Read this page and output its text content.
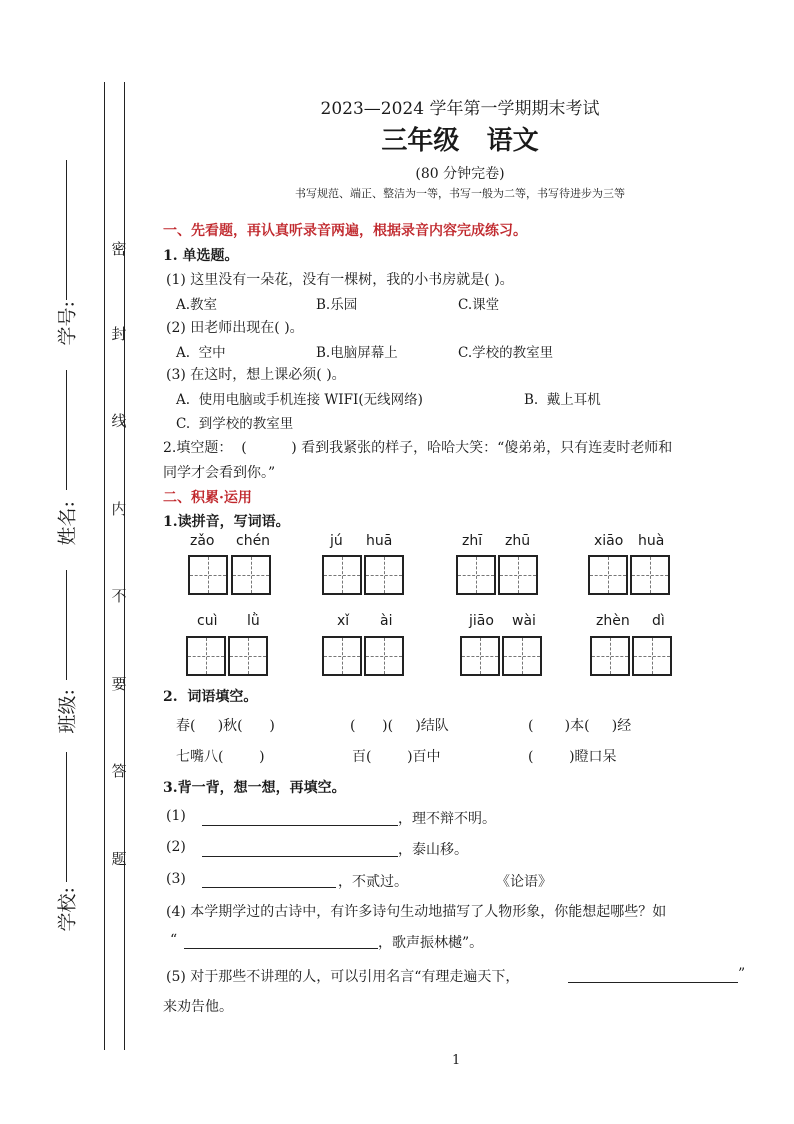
密
封
线
内
不
要
答
题
学号:
姓名:
班级:
学校:
2023—2024 学年第一学期期末考试
三年级   语文
(80 分钟完卷)
书写规范、端正、整洁为一等，书写一般为二等，书写待进步为三等
一、先看题，再认真听录音两遍，根据录音内容完成练习。
1. 单选题。
(1) 这里没有一朵花，没有一棵树，我的小书房就是( )。
A.教室	B.乐园	C.课堂
(2) 田老师出现在( )。
A.  空中	B.电脑屏幕上	C.学校的教室里
(3) 在这时，想上课必须( )。
A.  使用电脑或手机连接 WIFI(无线网络)	B.  戴上耳机
C.  到学校的教室里
2.填空题：  (          ) 看到我紧张的样子，哈哈大笑：“傻弟弟，只有连麦时老师和
同学才会看到你。”
二、积累·运用
1.读拼音，写词语。
zǎo chén	jú huā	zhī zhū	xiāo huà
cuì lǜ	xǐ ài	jiāo wài	zhèn dì
2.  词语填空。
春(     )秋(      )	(      )(     )结队	(       )本(     )经
七嘴八(        )	百(        )百中	(        )瞪口呆
3.背一背，想一想，再填空。
(1)	，理不辩不明。
(2)	，泰山移。
(3)	，不贰过。	《论语》
(4) 本学期学过的古诗中，有许多诗句生动地描写了人物形象，你能想起哪些？如
“	，歌声振林樾”。
(5) 对于那些不讲理的人，可以引用名言“有理走遍天下，	”
来劝告他。
1
